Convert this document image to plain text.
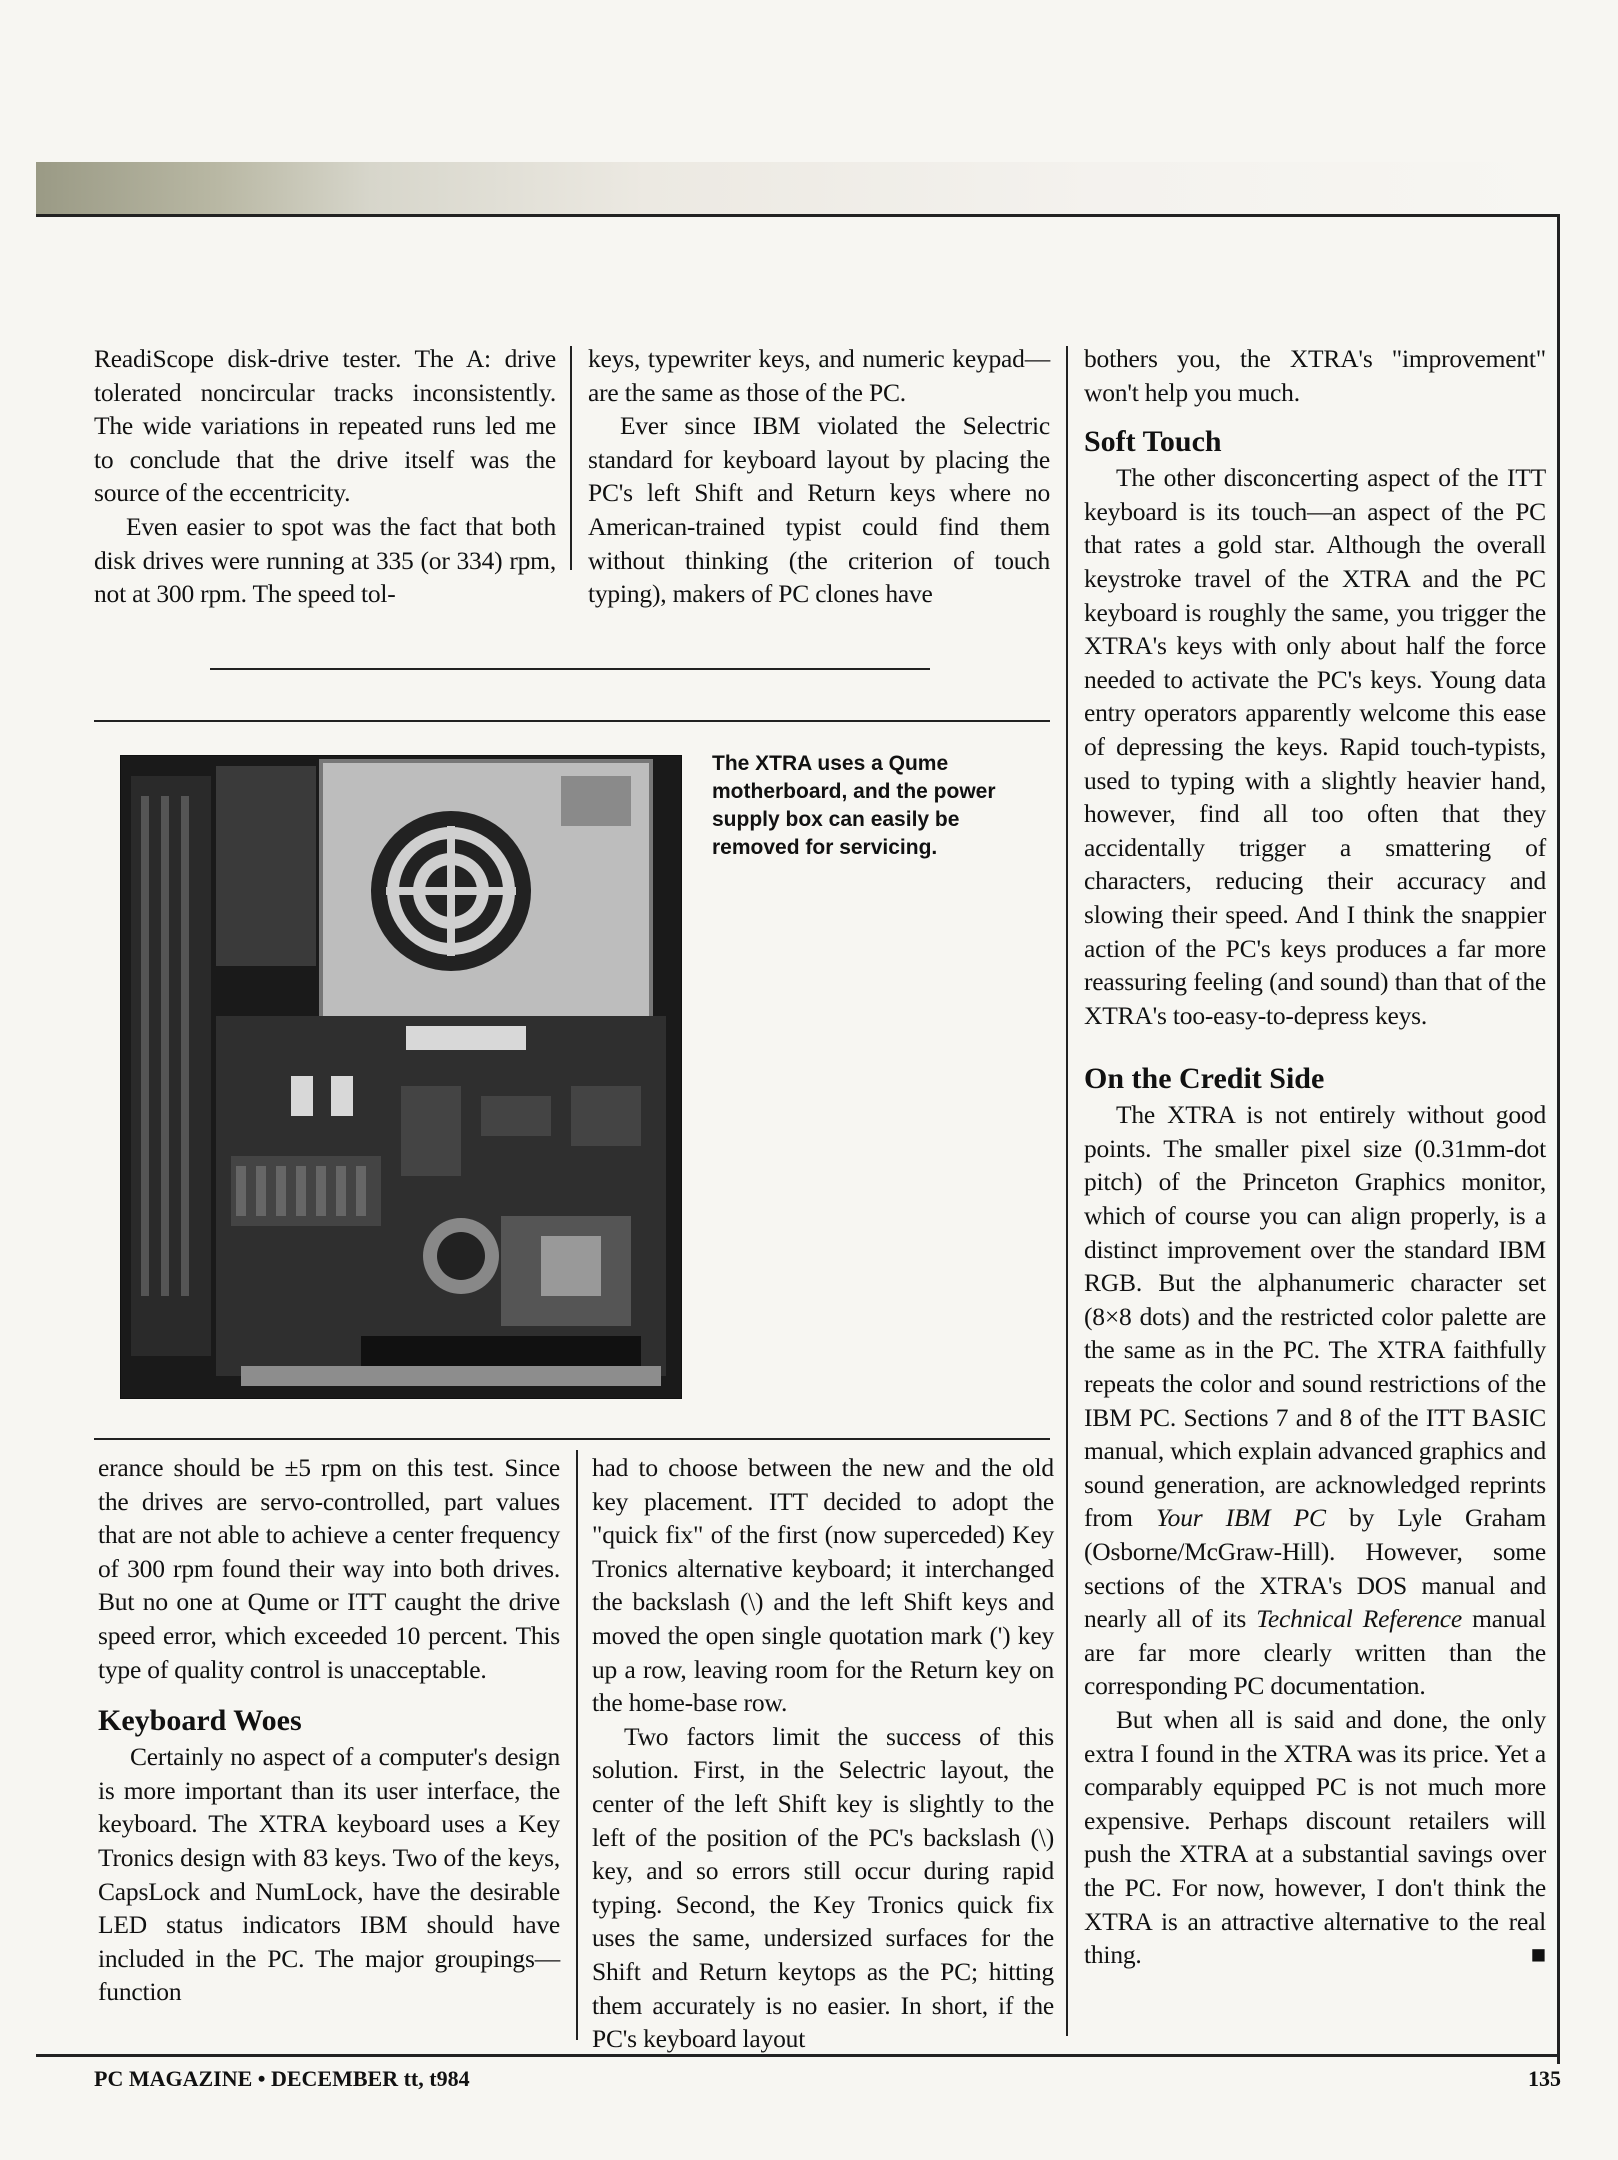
ReadiScope disk-drive tester. The A: drive tolerated noncircular tracks inconsistently. The wide variations in repeated runs led me to conclude that the drive itself was the source of the eccentricity.

Even easier to spot was the fact that both disk drives were running at 335 (or 334) rpm, not at 300 rpm. The speed tol-

keys, typewriter keys, and numeric keypad—are the same as those of the PC.

Ever since IBM violated the Selectric standard for keyboard layout by placing the PC's left Shift and Return keys where no American-trained typist could find them without thinking (the criterion of touch typing), makers of PC clones have

The XTRA uses a Qume motherboard, and the power supply box can easily be removed for servicing.

erance should be ±5 rpm on this test. Since the drives are servo-controlled, part values that are not able to achieve a center frequency of 300 rpm found their way into both drives. But no one at Qume or ITT caught the drive speed error, which exceeded 10 percent. This type of quality control is unacceptable.

Keyboard Woes

Certainly no aspect of a computer's design is more important than its user interface, the keyboard. The XTRA keyboard uses a Key Tronics design with 83 keys. Two of the keys, CapsLock and NumLock, have the desirable LED status indicators IBM should have included in the PC. The major groupings—function

had to choose between the new and the old key placement. ITT decided to adopt the "quick fix" of the first (now superceded) Key Tronics alternative keyboard; it interchanged the backslash (\) and the left Shift keys and moved the open single quotation mark (') key up a row, leaving room for the Return key on the home-base row.

Two factors limit the success of this solution. First, in the Selectric layout, the center of the left Shift key is slightly to the left of the position of the PC's backslash (\) key, and so errors still occur during rapid typing. Second, the Key Tronics quick fix uses the same, undersized surfaces for the Shift and Return keytops as the PC; hitting them accurately is no easier. In short, if the PC's keyboard layout

bothers you, the XTRA's "improvement" won't help you much.

Soft Touch

The other disconcerting aspect of the ITT keyboard is its touch—an aspect of the PC that rates a gold star. Although the overall keystroke travel of the XTRA and the PC keyboard is roughly the same, you trigger the XTRA's keys with only about half the force needed to activate the PC's keys. Young data entry operators apparently welcome this ease of depressing the keys. Rapid touch-typists, used to typing with a slightly heavier hand, however, find all too often that they accidentally trigger a smattering of characters, reducing their accuracy and slowing their speed. And I think the snappier action of the PC's keys produces a far more reassuring feeling (and sound) than that of the XTRA's too-easy-to-depress keys.

On the Credit Side

The XTRA is not entirely without good points. The smaller pixel size (0.31mm-dot pitch) of the Princeton Graphics monitor, which of course you can align properly, is a distinct improvement over the standard IBM RGB. But the alphanumeric character set (8×8 dots) and the restricted color palette are the same as in the PC. The XTRA faithfully repeats the color and sound restrictions of the IBM PC. Sections 7 and 8 of the ITT BASIC manual, which explain advanced graphics and sound generation, are acknowledged reprints from Your IBM PC by Lyle Graham (Osborne/McGraw-Hill). However, some sections of the XTRA's DOS manual and nearly all of its Technical Reference manual are far more clearly written than the corresponding PC documentation.

But when all is said and done, the only extra I found in the XTRA was its price. Yet a comparably equipped PC is not much more expensive. Perhaps discount retailers will push the XTRA at a substantial savings over the PC. For now, however, I don't think the XTRA is an attractive alternative to the real thing.	■

PC MAGAZINE • DECEMBER tt, t984	135
